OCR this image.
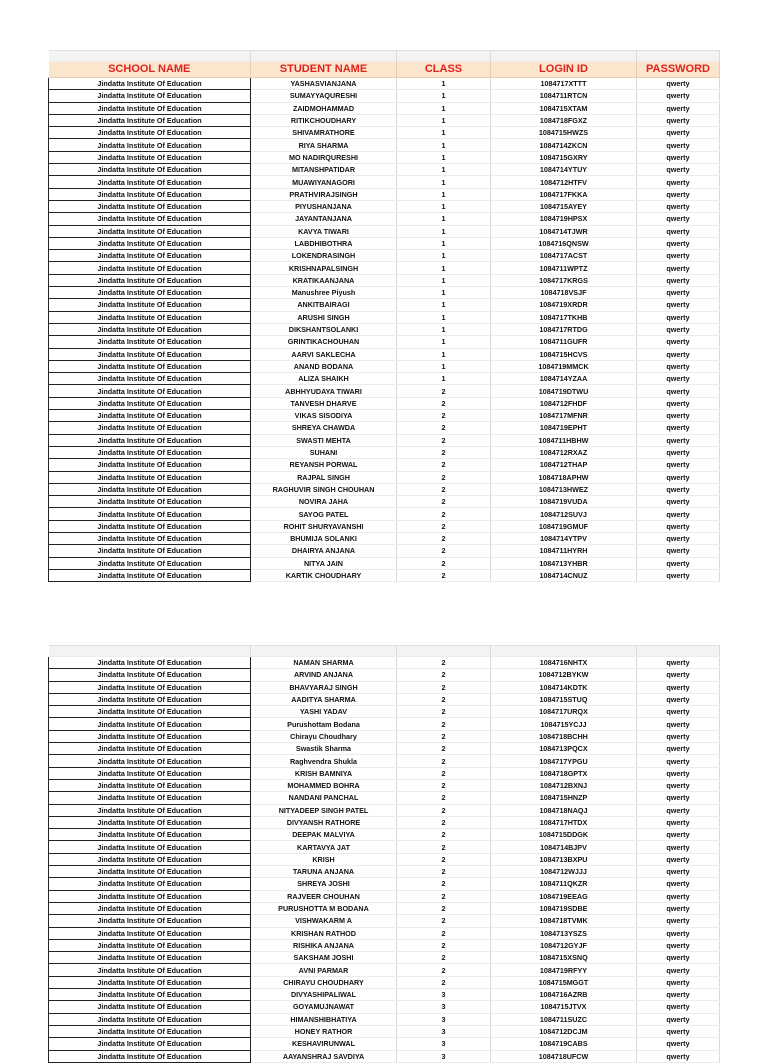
SCHOOL NAME	STUDENT NAME	CLASS	LOGIN ID	PASSWORD
Jindatta Institute Of Education	YASHASVIANJANA	1	1084717XTTT	qwerty
Jindatta Institute Of Education	SUMAYYAQURESHI	1	1084711RTCN	qwerty
Jindatta Institute Of Education	ZAIDMOHAMMAD	1	1084715XTAM	qwerty
Jindatta Institute Of Education	RITIKCHOUDHARY	1	1084718FGXZ	qwerty
Jindatta Institute Of Education	SHIVAMRATHORE	1	1084715HWZS	qwerty
Jindatta Institute Of Education	RIYA SHARMA	1	1084714ZKCN	qwerty
Jindatta Institute Of Education	MO NADIRQURESHI	1	1084715GXRY	qwerty
Jindatta Institute Of Education	MITANSHPATIDAR	1	1084714YTUY	qwerty
Jindatta Institute Of Education	MUAWIYANAGORI	1	1084712HTFV	qwerty
Jindatta Institute Of Education	PRATHVIRAJSINGH	1	1084717FKKA	qwerty
Jindatta Institute Of Education	PIYUSHANJANA	1	1084715AYEY	qwerty
Jindatta Institute Of Education	JAYANTANJANA	1	1084719HPSX	qwerty
Jindatta Institute Of Education	KAVYA TIWARI	1	1084714TJWR	qwerty
Jindatta Institute Of Education	LABDHIBOTHRA	1	1084716QNSW	qwerty
Jindatta Institute Of Education	LOKENDRASINGH	1	1084717ACST	qwerty
Jindatta Institute Of Education	KRISHNAPALSINGH	1	1084711WPTZ	qwerty
Jindatta Institute Of Education	KRATIKAANJANA	1	1084717KRGS	qwerty
Jindatta Institute Of Education	Manushree Piyush	1	1084718VSJF	qwerty
Jindatta Institute Of Education	ANKITBAIRAGI	1	1084719XRDR	qwerty
Jindatta Institute Of Education	ARUSHI SINGH	1	1084717TKHB	qwerty
Jindatta Institute Of Education	DIKSHANTSOLANKI	1	1084717RTDG	qwerty
Jindatta Institute Of Education	GRINTIKACHOUHAN	1	1084711GUFR	qwerty
Jindatta Institute Of Education	AARVI SAKLECHA	1	1084715HCVS	qwerty
Jindatta Institute Of Education	ANAND BODANA	1	1084719MMCK	qwerty
Jindatta Institute Of Education	ALIZA SHAIKH	1	1084714YZAA	qwerty
Jindatta Institute Of Education	ABHHYUDAYA TIWARI	2	1084719DTWU	qwerty
Jindatta Institute Of Education	TANVESH DHARVE	2	1084712FHDF	qwerty
Jindatta Institute Of Education	VIKAS SISODIYA	2	1084717MFNR	qwerty
Jindatta Institute Of Education	SHREYA CHAWDA	2	1084719EPHT	qwerty
Jindatta Institute Of Education	SWASTI MEHTA	2	1084711HBHW	qwerty
Jindatta Institute Of Education	SUHANI	2	1084712RXAZ	qwerty
Jindatta Institute Of Education	REYANSH PORWAL	2	1084712THAP	qwerty
Jindatta Institute Of Education	RAJPAL SINGH	2	1084718APHW	qwerty
Jindatta Institute Of Education	RAGHUVIR SINGH CHOUHAN	2	1084713HWEZ	qwerty
Jindatta Institute Of Education	NOVIRA JAHA	2	1084719VUDA	qwerty
Jindatta Institute Of Education	SAYOG PATEL	2	1084712SUVJ	qwerty
Jindatta Institute Of Education	ROHIT SHURYAVANSHI	2	1084719GMUF	qwerty
Jindatta Institute Of Education	BHUMIJA SOLANKI	2	1084714YTPV	qwerty
Jindatta Institute Of Education	DHAIRYA ANJANA	2	1084711HYRH	qwerty
Jindatta Institute Of Education	NITYA JAIN	2	1084713YHBR	qwerty
Jindatta Institute Of Education	KARTIK CHOUDHARY	2	1084714CNUZ	qwerty

Jindatta Institute Of Education	NAMAN SHARMA	2	1084716NHTX	qwerty
Jindatta Institute Of Education	ARVIND ANJANA	2	1084712BYKW	qwerty
Jindatta Institute Of Education	BHAVYARAJ SINGH	2	1084714KDTK	qwerty
Jindatta Institute Of Education	AADITYA SHARMA	2	1084715STUQ	qwerty
Jindatta Institute Of Education	YASHI YADAV	2	1084717URQX	qwerty
Jindatta Institute Of Education	Purushottam Bodana	2	1084715YCJJ	qwerty
Jindatta Institute Of Education	Chirayu Choudhary	2	1084718BCHH	qwerty
Jindatta Institute Of Education	Swastik Sharma	2	1084713PQCX	qwerty
Jindatta Institute Of Education	Raghvendra Shukla	2	1084717YPGU	qwerty
Jindatta Institute Of Education	KRISH BAMNIYA	2	1084718GPTX	qwerty
Jindatta Institute Of Education	MOHAMMED BOHRA	2	1084712BXNJ	qwerty
Jindatta Institute Of Education	NANDANI PANCHAL	2	1084715HNZP	qwerty
Jindatta Institute Of Education	NITYADEEP SINGH PATEL	2	1084718NAQJ	qwerty
Jindatta Institute Of Education	DIVYANSH RATHORE	2	1084717HTDX	qwerty
Jindatta Institute Of Education	DEEPAK MALVIYA	2	1084715DDGK	qwerty
Jindatta Institute Of Education	KARTAVYA JAT	2	1084714BJPV	qwerty
Jindatta Institute Of Education	KRISH	2	1084713BXPU	qwerty
Jindatta Institute Of Education	TARUNA ANJANA	2	1084712WJJJ	qwerty
Jindatta Institute Of Education	SHREYA JOSHI	2	1084711QKZR	qwerty
Jindatta Institute Of Education	RAJVEER CHOUHAN	2	1084719EEAG	qwerty
Jindatta Institute Of Education	PURUSHOTTA M BODANA	2	1084719SDBE	qwerty
Jindatta Institute Of Education	VISHWAKARM A	2	1084718TVMK	qwerty
Jindatta Institute Of Education	KRISHAN RATHOD	2	1084713YSZS	qwerty
Jindatta Institute Of Education	RISHIKA ANJANA	2	1084712GYJF	qwerty
Jindatta Institute Of Education	SAKSHAM JOSHI	2	1084715XSNQ	qwerty
Jindatta Institute Of Education	AVNI PARMAR	2	1084719RFYY	qwerty
Jindatta Institute Of Education	CHIRAYU CHOUDHARY	2	1084715MGGT	qwerty
Jindatta Institute Of Education	DIVYASHIPALIWAL	3	1084716AZRB	qwerty
Jindatta Institute Of Education	GOYAMUJNAWAT	3	1084715JTVX	qwerty
Jindatta Institute Of Education	HIMANSHIBHATIYA	3	1084711SUZC	qwerty
Jindatta Institute Of Education	HONEY RATHOR	3	1084712DCJM	qwerty
Jindatta Institute Of Education	KESHAVIRUNWAL	3	1084719CABS	qwerty
Jindatta Institute Of Education	AAYANSHRAJ SAVDIYA	3	1084718UFCW	qwerty
